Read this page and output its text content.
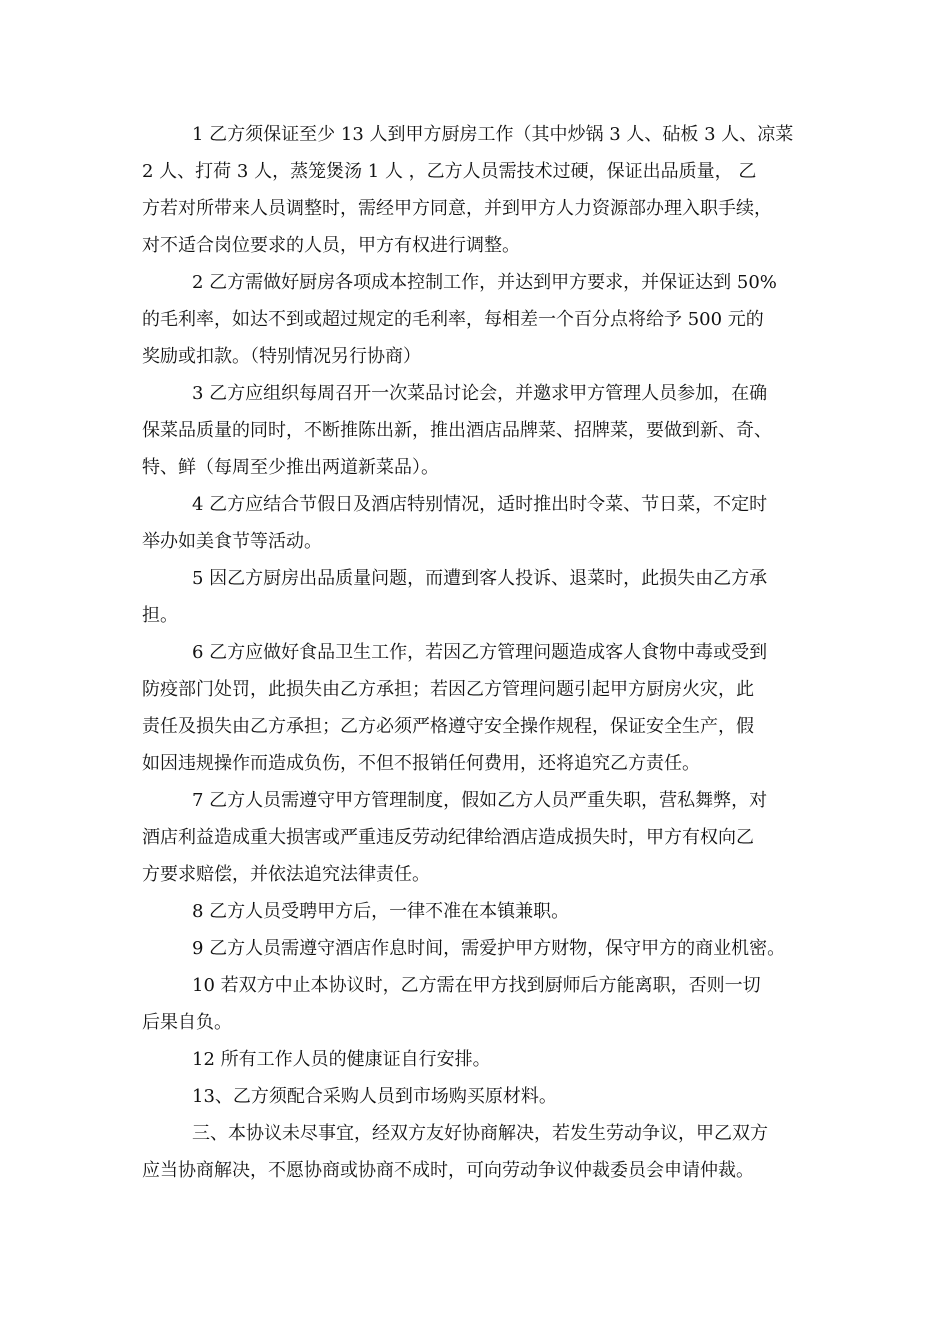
1 乙方须保证至少 13 人到甲方厨房工作（其中炒锅 3 人、砧板 3 人、凉菜
2 人、打荷 3 人，蒸笼煲汤 1 人 ，乙方人员需技术过硬，保证出品质量， 乙
方若对所带来人员调整时，需经甲方同意，并到甲方人力资源部办理入职手续，
对不适合岗位要求的人员，甲方有权进行调整。
2 乙方需做好厨房各项成本控制工作，并达到甲方要求，并保证达到 50%
的毛利率，如达不到或超过规定的毛利率，每相差一个百分点将给予 500 元的
奖励或扣款。（特别情况另行协商）
3 乙方应组织每周召开一次菜品讨论会，并邀求甲方管理人员参加，在确
保菜品质量的同时，不断推陈出新，推出酒店品牌菜、招牌菜，要做到新、奇、
特、鲜（每周至少推出两道新菜品）。
4 乙方应结合节假日及酒店特别情况，适时推出时令菜、节日菜，不定时
举办如美食节等活动。
5 因乙方厨房出品质量问题，而遭到客人投诉、退菜时，此损失由乙方承
担。
6 乙方应做好食品卫生工作，若因乙方管理问题造成客人食物中毒或受到
防疫部门处罚，此损失由乙方承担；若因乙方管理问题引起甲方厨房火灾，此
责任及损失由乙方承担；乙方必须严格遵守安全操作规程，保证安全生产，假
如因违规操作而造成负伤，不但不报销任何费用，还将追究乙方责任。
7 乙方人员需遵守甲方管理制度，假如乙方人员严重失职，营私舞弊，对
酒店利益造成重大损害或严重违反劳动纪律给酒店造成损失时，甲方有权向乙
方要求赔偿，并依法追究法律责任。
8 乙方人员受聘甲方后，一律不准在本镇兼职。
9 乙方人员需遵守酒店作息时间，需爱护甲方财物，保守甲方的商业机密。
10 若双方中止本协议时，乙方需在甲方找到厨师后方能离职，否则一切
后果自负。
12 所有工作人员的健康证自行安排。
13、乙方须配合采购人员到市场购买原材料。
三、本协议未尽事宜，经双方友好协商解决，若发生劳动争议，甲乙双方
应当协商解决，不愿协商或协商不成时，可向劳动争议仲裁委员会申请仲裁。
